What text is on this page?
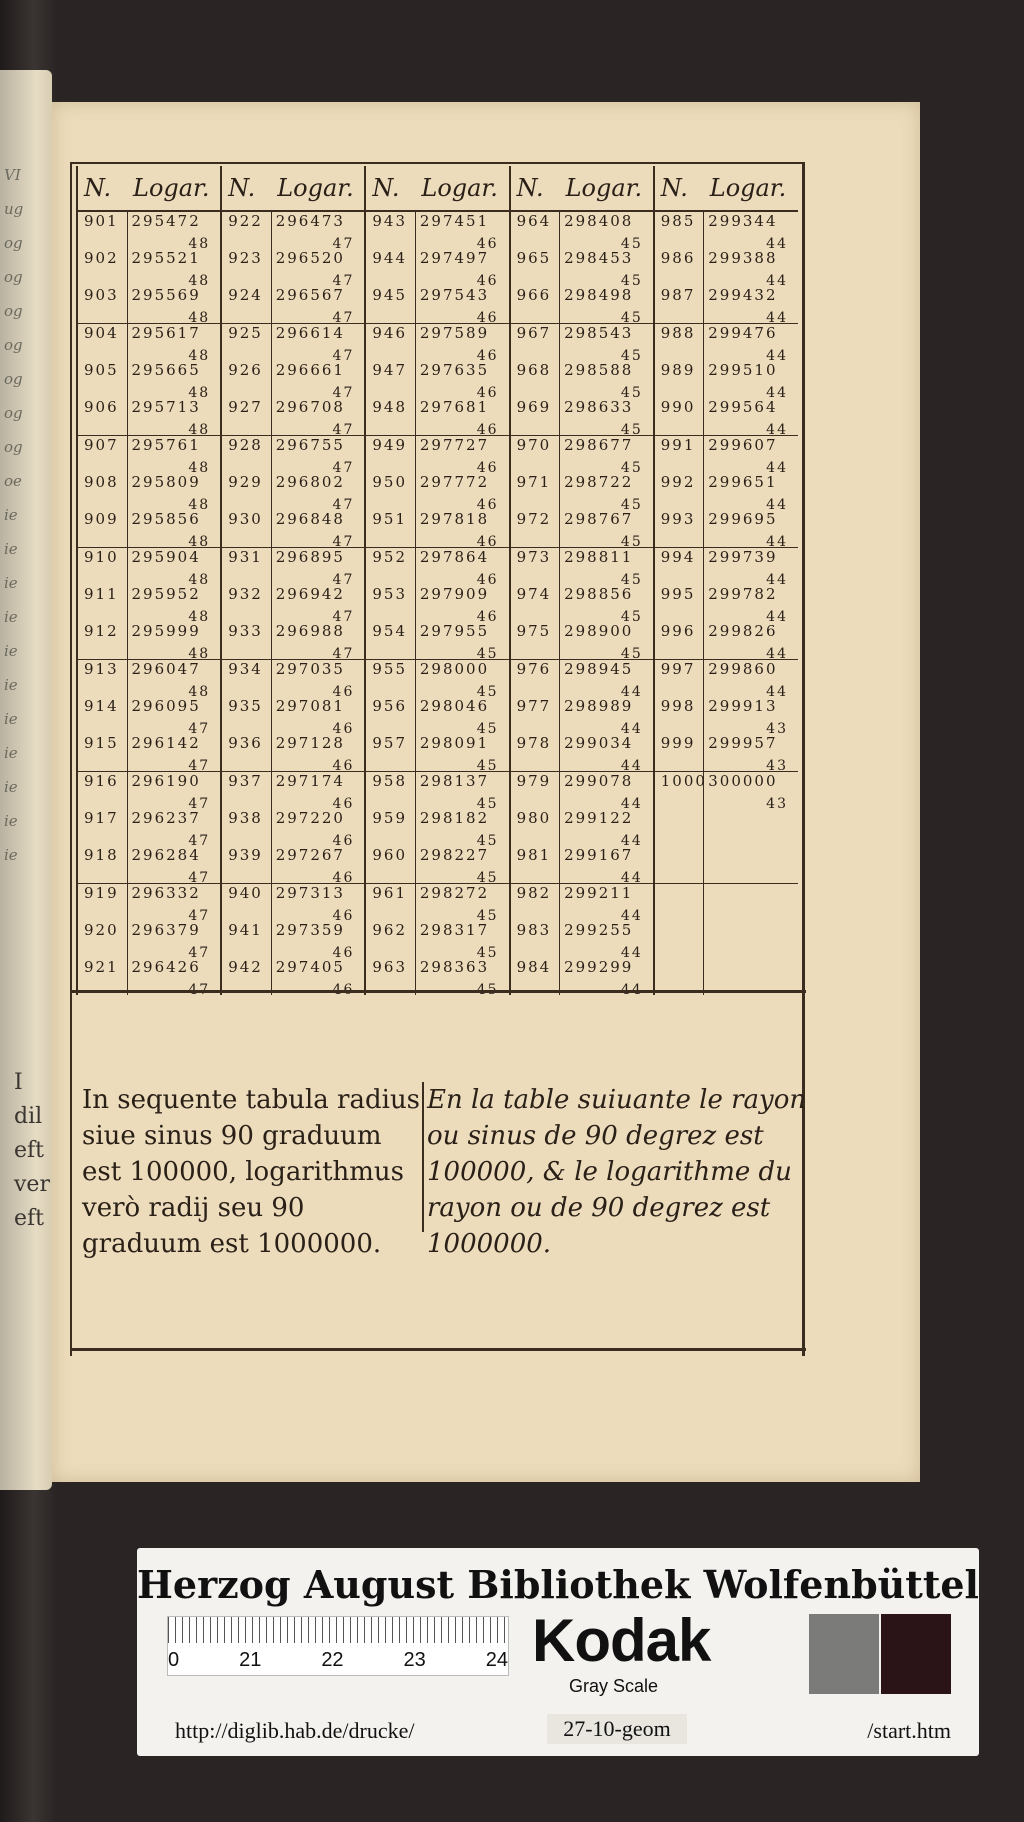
VI
ug
og
og
og
og
og
og
og
oe
ie
ie
ie
ie
ie
ie
ie
ie
ie
ie
ie
I
dil
eft
ver
eft
N.	Logar.	N.	Logar.	N.	Logar.	N.	Logar.	N.	Logar.
901	295472	922	296473	943	297451	964	298408	985	299344
	48		47		46		45		44
902	295521	923	296520	944	297497	965	298453	986	299388
	48		47		46		45		44
903	295569	924	296567	945	297543	966	298498	987	299432
	48		47		46		45		44
904	295617	925	296614	946	297589	967	298543	988	299476
	48		47		46		45		44
905	295665	926	296661	947	297635	968	298588	989	299510
	48		47		46		45		44
906	295713	927	296708	948	297681	969	298633	990	299564
	48		47		46		45		44
907	295761	928	296755	949	297727	970	298677	991	299607
	48		47		46		45		44
908	295809	929	296802	950	297772	971	298722	992	299651
	48		47		46		45		44
909	295856	930	296848	951	297818	972	298767	993	299695
	48		47		46		45		44
910	295904	931	296895	952	297864	973	298811	994	299739
	48		47		46		45		44
911	295952	932	296942	953	297909	974	298856	995	299782
	48		47		46		45		44
912	295999	933	296988	954	297955	975	298900	996	299826
	48		47		45		45		44
913	296047	934	297035	955	298000	976	298945	997	299860
	48		46		45		44		44
914	296095	935	297081	956	298046	977	298989	998	299913
	47		46		45		44		43
915	296142	936	297128	957	298091	978	299034	999	299957
	47		46		45		44		43
916	296190	937	297174	958	298137	979	299078	1000	300000
	47		46		45		44		43
917	296237	938	297220	959	298182	980	299122		
	47		46		45		44		
918	296284	939	297267	960	298227	981	299167		
	47		46		45		44		
919	296332	940	297313	961	298272	982	299211		
	47		46		45		44		
920	296379	941	297359	962	298317	983	299255		
	47		46		45		44		
921	296426	942	297405	963	298363	984	299299		
	47		46		45		44		
In sequente tabula radius siue sinus 90 graduum est 100000, logarithmus verò radij seu 90 graduum est 1000000.
En la table suiuante le rayon ou sinus de 90 degrez est 100000, & le logarithme du rayon ou de 90 degrez est 1000000.
Herzog August Bibliothek Wolfenbüttel
0	21	22	23	24 Kodak
Gray Scale
http://diglib.hab.de/drucke/	27-10-geom	/start.htm
